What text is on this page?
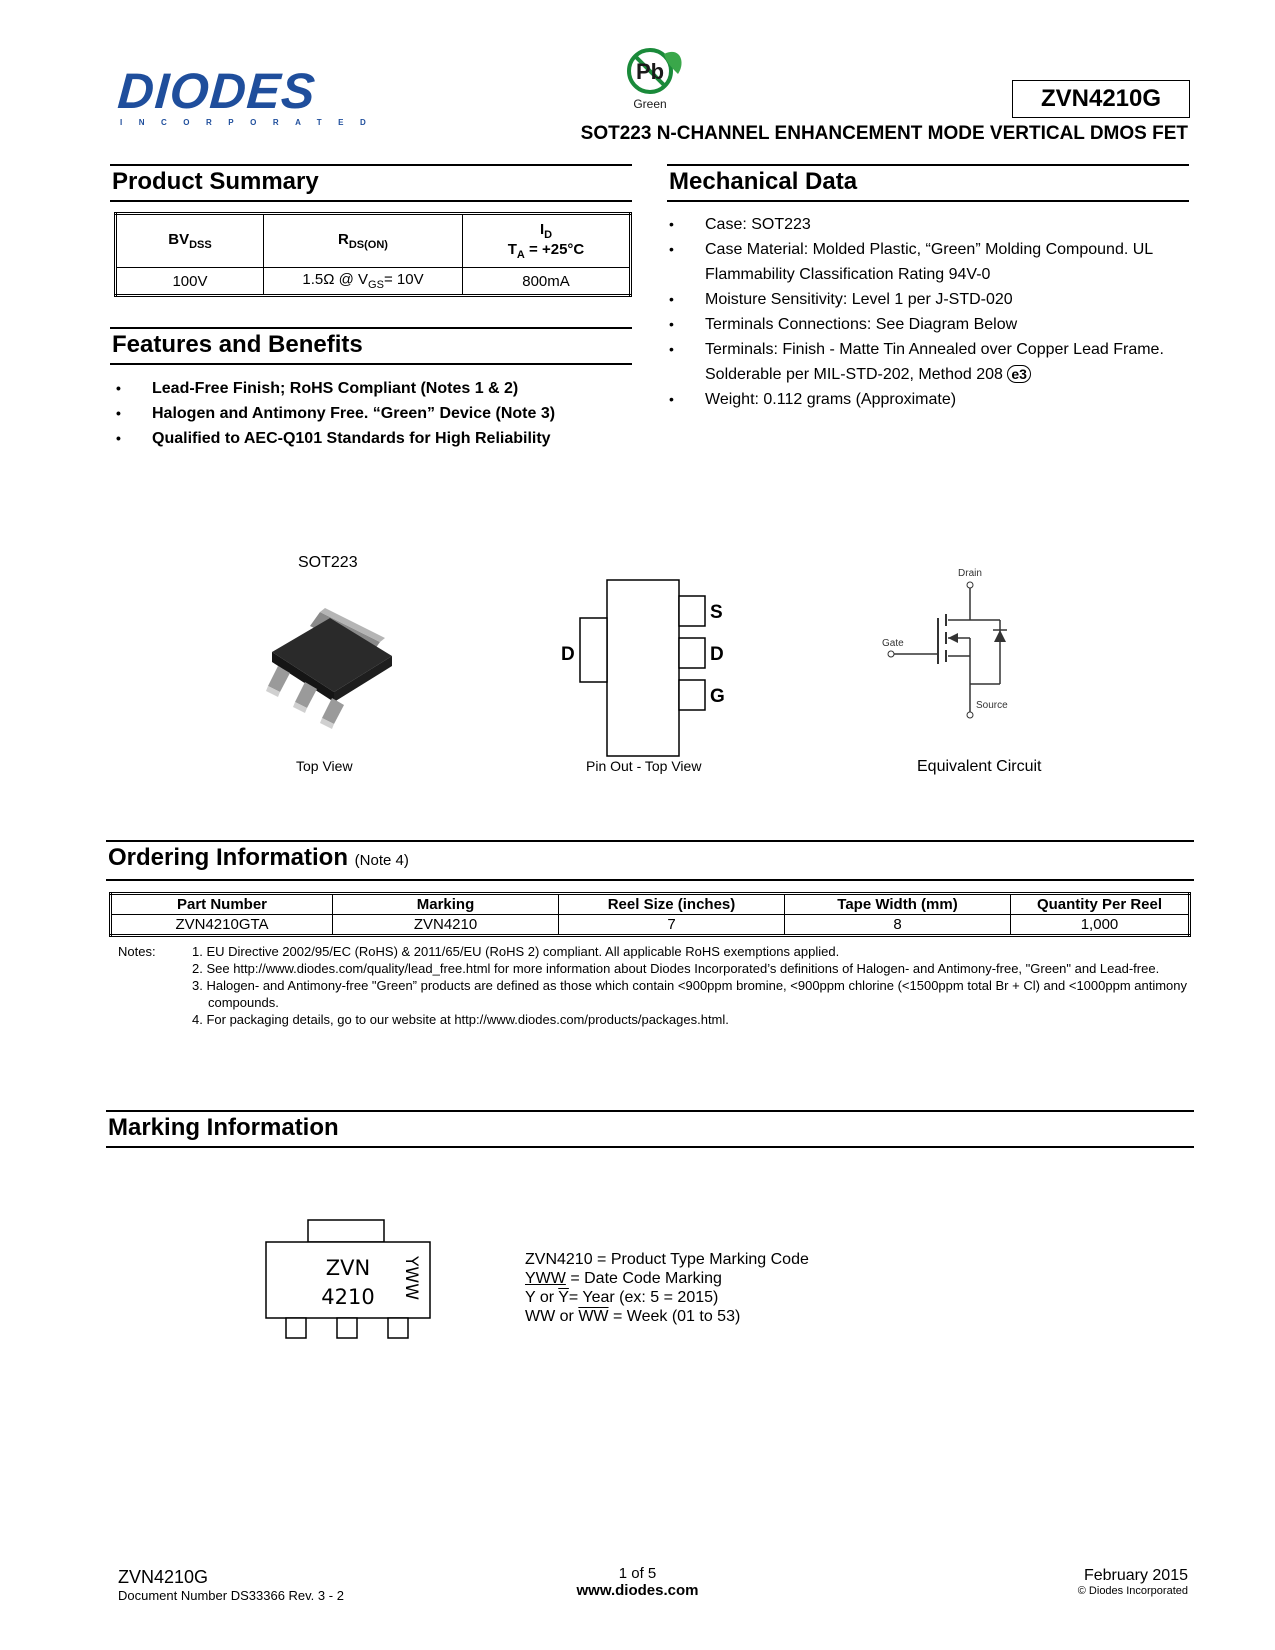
DIODES
INCORPORATED
Pb
Green	ZVN4210G
SOT223 N-CHANNEL ENHANCEMENT MODE VERTICAL DMOS FET
Product Summary
$BV_{DSS}$	$R_{DS(ON)}$	$I_D$
$T_A = +25^\circ C$

100V	1.5Ω @ $V_{GS}= 10V$	800mA
Features and Benefits
• Lead-Free Finish; RoHS Compliant (Notes 1 & 2)
• Halogen and Antimony Free. “Green” Device (Note 3)
• Qualified to AEC-Q101 Standards for High Reliability
Mechanical Data
• Case: SOT223
• Case Material: Molded Plastic, “Green” Molding Compound. UL Flammability Classification Rating 94V-0
• Moisture Sensitivity: Level 1 per J-STD-020
• Terminals Connections: See Diagram Below
• Terminals: Finish - Matte Tin Annealed over Copper Lead Frame. Solderable per MIL-STD-202, Method 208 e3
• Weight: 0.112 grams (Approximate)
SOT223
Top View
S
D
G
D
Pin Out - Top View
Drain
Gate
Source
Equivalent Circuit
Ordering Information (Note 4)
Part Number	Marking	Reel Size (inches)	Tape Width (mm)	Quantity Per Reel
ZVN4210GTA	ZVN4210	7	8	1,000
Notes:	1. EU Directive 2002/95/EC (RoHS) & 2011/65/EU (RoHS 2) compliant. All applicable RoHS exemptions applied.
2. See http://www.diodes.com/quality/lead_free.html for more information about Diodes Incorporated’s definitions of Halogen- and Antimony-free, "Green" and Lead-free.
3. Halogen- and Antimony-free "Green” products are defined as those which contain <900ppm bromine, <900ppm chlorine (<1500ppm total Br + Cl) and <1000ppm antimony compounds.
4. For packaging details, go to our website at http://www.diodes.com/products/packages.html.
Marking Information
ZVN
4210 YWW	ZVN4210 = Product Type Marking Code
YWW = Date Code Marking
Y or $\overline{Y}=$ Year (ex: 5 = 2015)
WW or $\overline{WW}$ = Week (01 to 53)
ZVN4210G
Document Number DS33366 Rev. 3 - 2
1 of 5
www.diodes.com
February 2015
© Diodes Incorporated
